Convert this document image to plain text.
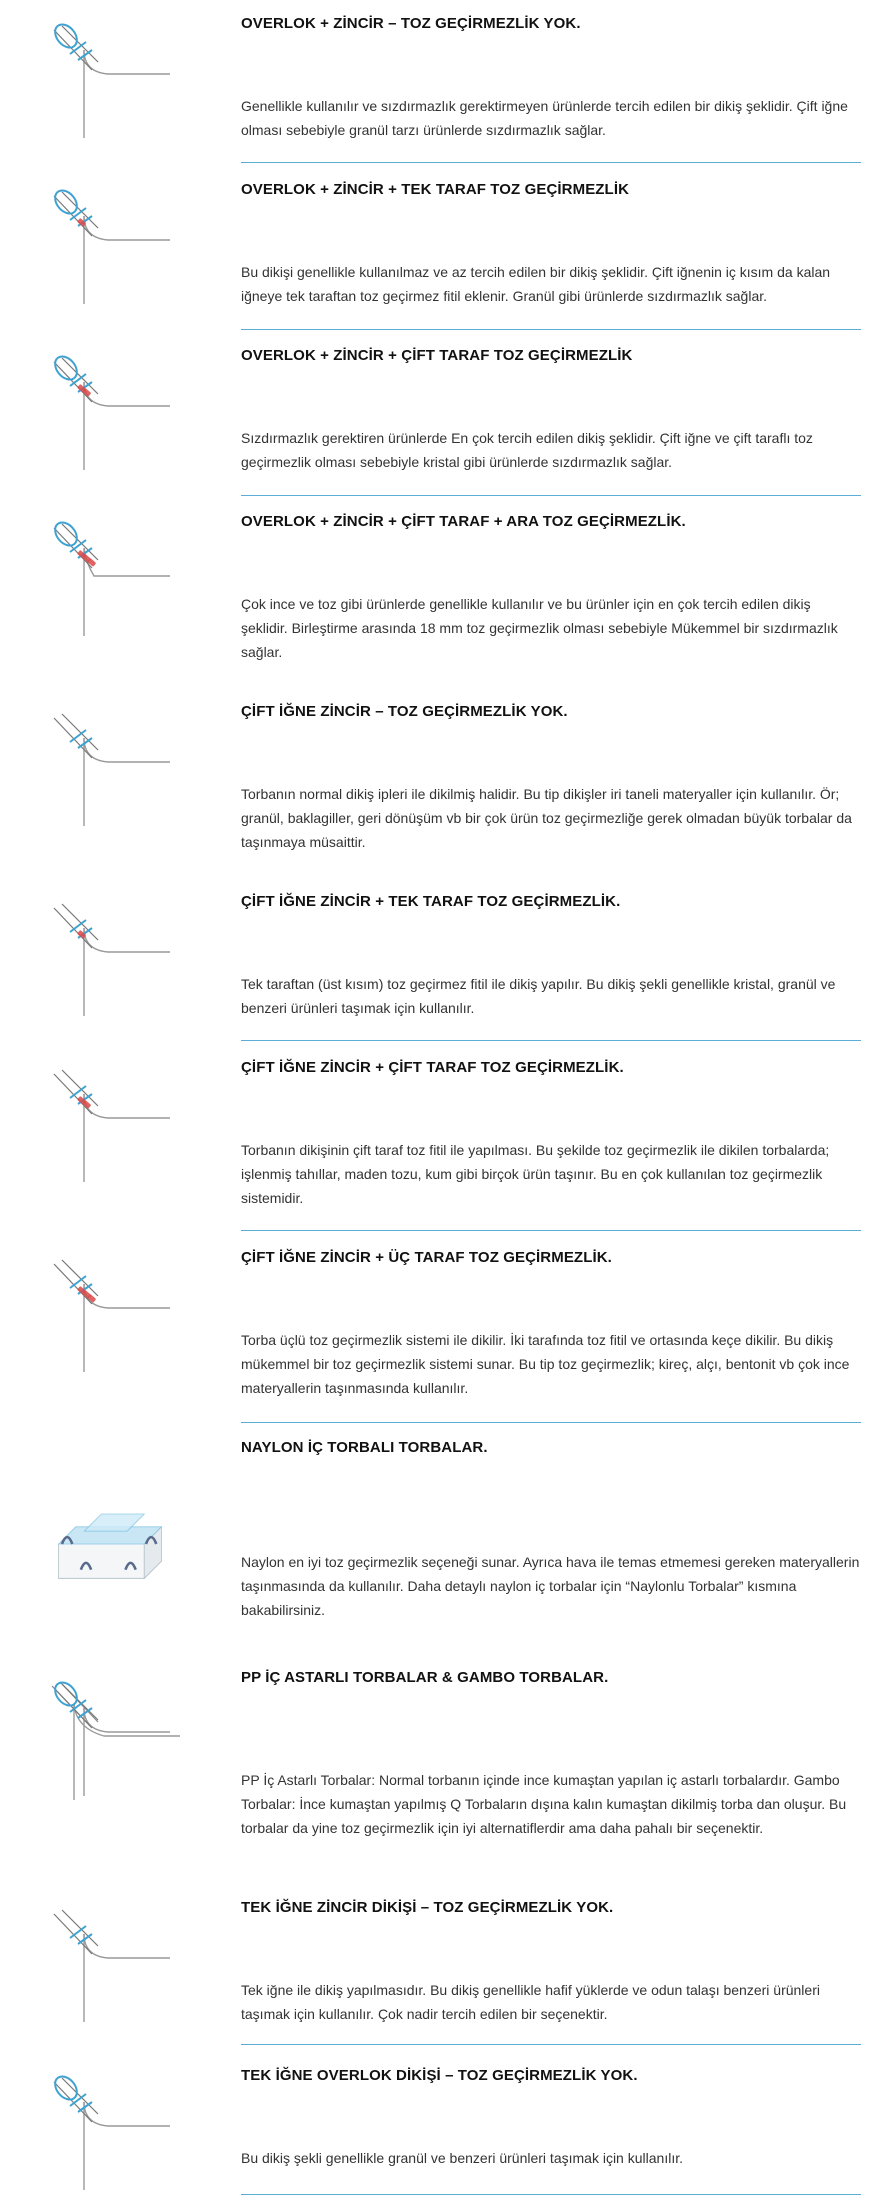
OVERLOK + ZİNCİR – TOZ GEÇİRMEZLİK YOK.

Genellikle kullanılır ve sızdırmazlık gerektirmeyen ürünlerde tercih edilen bir dikiş şeklidir. Çift iğne olması sebebiyle granül tarzı ürünlerde sızdırmazlık sağlar.

OVERLOK + ZİNCİR + TEK TARAF TOZ GEÇİRMEZLİK

Bu dikişi genellikle kullanılmaz ve az tercih edilen bir dikiş şeklidir. Çift iğnenin iç kısım da kalan iğneye tek taraftan toz geçirmez fitil eklenir. Granül gibi ürünlerde sızdırmazlık sağlar.

OVERLOK + ZİNCİR + ÇİFT TARAF TOZ GEÇİRMEZLİK

Sızdırmazlık gerektiren ürünlerde En çok tercih edilen dikiş şeklidir. Çift iğne ve çift taraflı toz geçirmezlik olması sebebiyle kristal gibi ürünlerde sızdırmazlık sağlar.

OVERLOK + ZİNCİR + ÇİFT TARAF + ARA TOZ GEÇİRMEZLİK.

Çok ince ve toz gibi ürünlerde genellikle kullanılır ve bu ürünler için en çok tercih edilen dikiş şeklidir. Birleştirme arasında 18 mm toz geçirmezlik olması sebebiyle Mükemmel bir sızdırmazlık sağlar.

ÇİFT İĞNE ZİNCİR – TOZ GEÇİRMEZLİK YOK.

Torbanın normal dikiş ipleri ile dikilmiş halidir. Bu tip dikişler iri taneli materyaller için kullanılır. Ör; granül, baklagiller, geri dönüşüm vb bir çok ürün toz geçirmezliğe gerek olmadan büyük torbalar da taşınmaya müsaittir.

ÇİFT İĞNE ZİNCİR + TEK TARAF TOZ GEÇİRMEZLİK.

Tek taraftan (üst kısım) toz geçirmez fitil ile dikiş yapılır. Bu dikiş şekli genellikle kristal, granül ve benzeri ürünleri taşımak için kullanılır.

ÇİFT İĞNE ZİNCİR + ÇİFT TARAF TOZ GEÇİRMEZLİK.

Torbanın dikişinin çift taraf toz fitil ile yapılması. Bu şekilde toz geçirmezlik ile dikilen torbalarda; işlenmiş tahıllar, maden tozu, kum gibi birçok ürün taşınır. Bu en çok kullanılan toz geçirmezlik sistemidir.

ÇİFT İĞNE ZİNCİR + ÜÇ TARAF TOZ GEÇİRMEZLİK.

Torba üçlü toz geçirmezlik sistemi ile dikilir. İki tarafında toz fitil ve ortasında keçe dikilir. Bu dikiş mükemmel bir toz geçirmezlik sistemi sunar. Bu tip toz geçirmezlik; kireç, alçı, bentonit vb çok ince materyallerin taşınmasında kullanılır.

NAYLON İÇ TORBALI TORBALAR.

Naylon en iyi toz geçirmezlik seçeneği sunar. Ayrıca hava ile temas etmemesi gereken materyallerin taşınmasında da kullanılır. Daha detaylı naylon iç torbalar için “Naylonlu Torbalar” kısmına bakabilirsiniz.

PP İÇ ASTARLI TORBALAR & GAMBO TORBALAR.

PP İç Astarlı Torbalar: Normal torbanın içinde ince kumaştan yapılan iç astarlı torbalardır. Gambo Torbalar: İnce kumaştan yapılmış Q Torbaların dışına kalın kumaştan dikilmiş torba dan oluşur. Bu torbalar da yine toz geçirmezlik için iyi alternatiflerdir ama daha pahalı bir seçenektir.

TEK İĞNE ZİNCİR DİKİŞİ – TOZ GEÇİRMEZLİK YOK.

Tek iğne ile dikiş yapılmasıdır. Bu dikiş genellikle hafif yüklerde ve odun talaşı benzeri ürünleri taşımak için kullanılır. Çok nadir tercih edilen bir seçenektir.

TEK İĞNE OVERLOK DİKİŞİ – TOZ GEÇİRMEZLİK YOK.

Bu dikiş şekli genellikle granül ve benzeri ürünleri taşımak için kullanılır.
